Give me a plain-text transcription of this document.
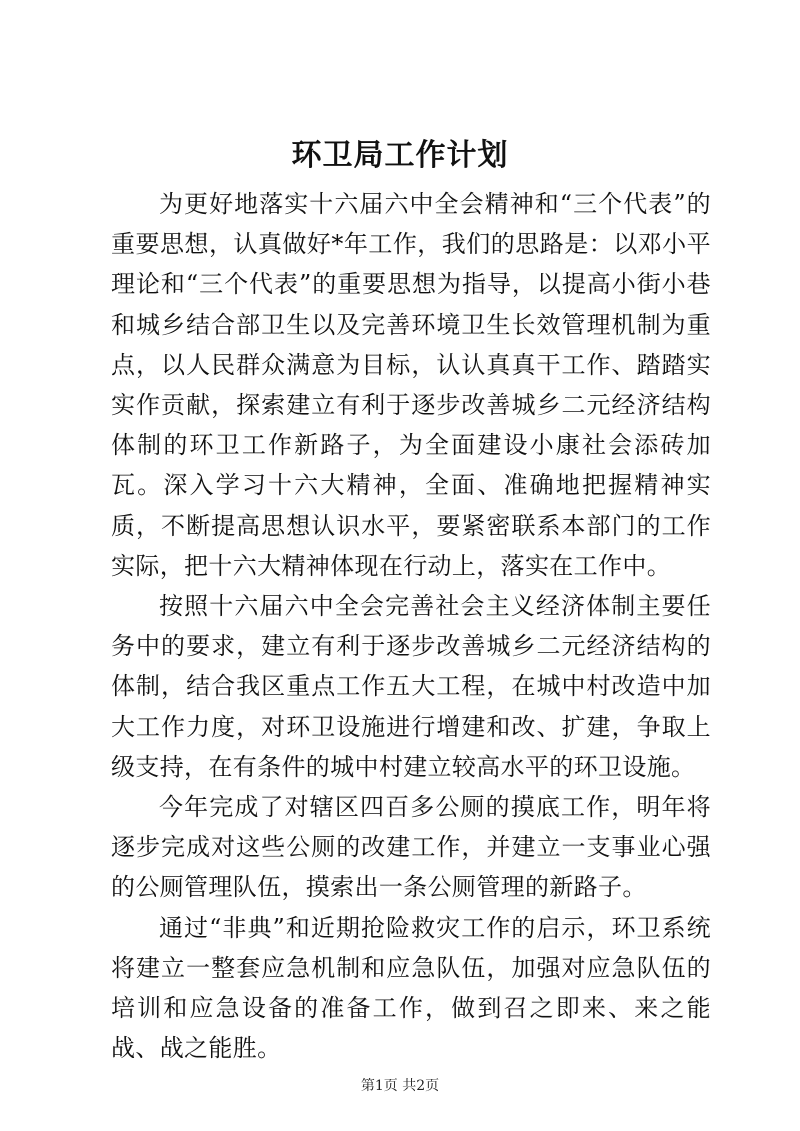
环卫局工作计划

为更好地落实十六届六中全会精神和“三个代表”的重要思想，认真做好*年工作，我们的思路是：以邓小平理论和“三个代表”的重要思想为指导，以提高小街小巷和城乡结合部卫生以及完善环境卫生长效管理机制为重点，以人民群众满意为目标，认认真真干工作、踏踏实实作贡献，探索建立有利于逐步改善城乡二元经济结构体制的环卫工作新路子，为全面建设小康社会添砖加瓦。深入学习十六大精神，全面、准确地把握精神实质，不断提高思想认识水平，要紧密联系本部门的工作实际，把十六大精神体现在行动上，落实在工作中。

按照十六届六中全会完善社会主义经济体制主要任务中的要求，建立有利于逐步改善城乡二元经济结构的体制，结合我区重点工作五大工程，在城中村改造中加大工作力度，对环卫设施进行增建和改、扩建，争取上级支持，在有条件的城中村建立较高水平的环卫设施。

今年完成了对辖区四百多公厕的摸底工作，明年将逐步完成对这些公厕的改建工作，并建立一支事业心强的公厕管理队伍，摸索出一条公厕管理的新路子。

通过“非典”和近期抢险救灾工作的启示，环卫系统将建立一整套应急机制和应急队伍，加强对应急队伍的培训和应急设备的准备工作，做到召之即来、来之能战、战之能胜。

第1页 共2页
